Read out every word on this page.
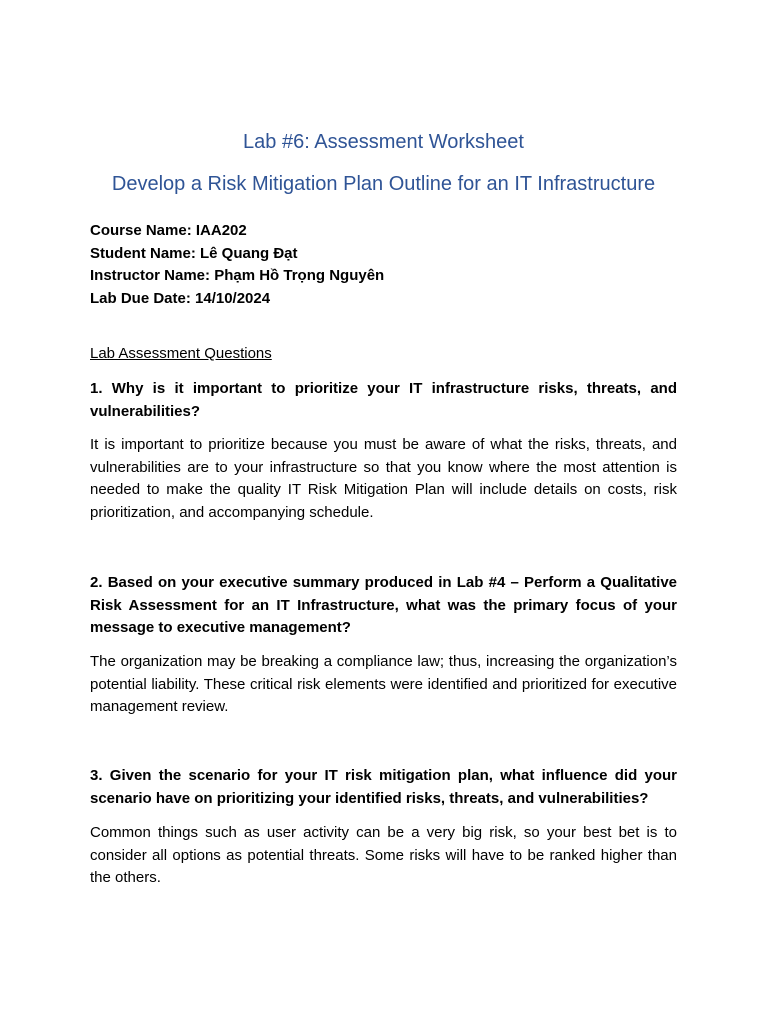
Lab #6: Assessment Worksheet
Develop a Risk Mitigation Plan Outline for an IT Infrastructure
Course Name: IAA202
Student Name: Lê Quang Đạt
Instructor Name: Phạm Hồ Trọng Nguyên
Lab Due Date: 14/10/2024
Lab Assessment Questions

1. Why is it important to prioritize your IT infrastructure risks, threats, and vulnerabilities?

It is important to prioritize because you must be aware of what the risks, threats, and vulnerabilities are to your infrastructure so that you know where the most attention is needed to make the quality IT Risk Mitigation Plan will include details on costs, risk prioritization, and accompanying schedule.

2. Based on your executive summary produced in Lab #4 – Perform a Qualitative Risk Assessment for an IT Infrastructure, what was the primary focus of your message to executive management?

The organization may be breaking a compliance law; thus, increasing the organization’s potential liability. These critical risk elements were identified and prioritized for executive management review.

3. Given the scenario for your IT risk mitigation plan, what influence did your scenario have on prioritizing your identified risks, threats, and vulnerabilities?

Common things such as user activity can be a very big risk, so your best bet is to consider all options as potential threats. Some risks will have to be ranked higher than the others.
